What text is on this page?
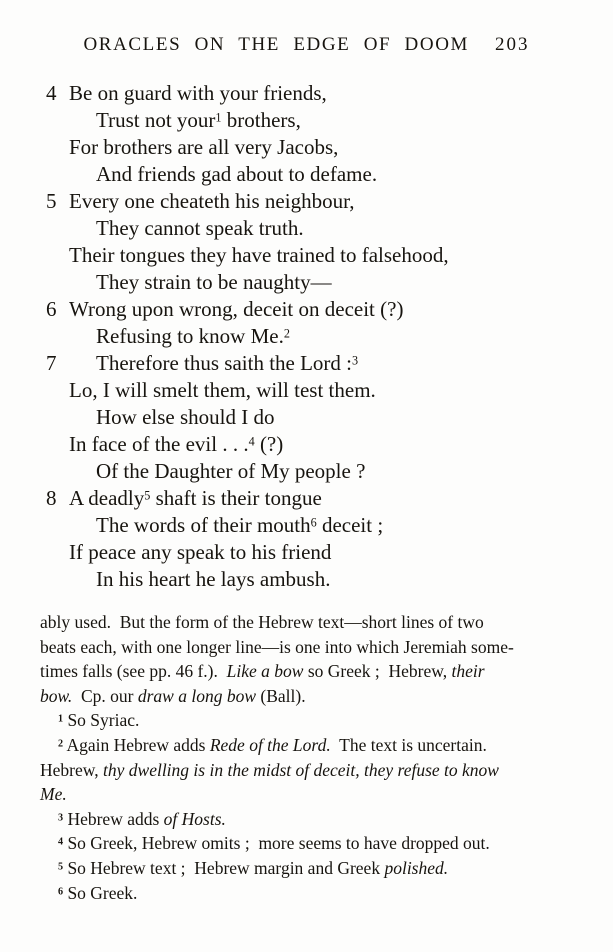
ORACLES ON THE EDGE OF DOOM 203
4 Be on guard with your friends,
Trust not your$^1$ brothers,
For brothers are all very Jacobs,
And friends gad about to defame.
5 Every one cheateth his neighbour,
They cannot speak truth.
Their tongues they have trained to falsehood,
They strain to be naughty—
6 Wrong upon wrong, deceit on deceit (?)
Refusing to know Me.$^2$
7 Therefore thus saith the Lord :$^3$
Lo, I will smelt them, will test them.
How else should I do
In face of the evil . . .$^4$ (?)
Of the Daughter of My people ?
8 A deadly$^5$ shaft is their tongue
The words of their mouth$^6$ deceit ;
If peace any speak to his friend
In his heart he lays ambush.
ably used.  But the form of the Hebrew text—short lines of two
beats each, with one longer line—is one into which Jeremiah some-
times falls (see pp. 46 f.).  Like a bow so Greek ;  Hebrew, their
bow.  Cp. our draw a long bow (Ball).
$^1$ So Syriac.
$^2$ Again Hebrew adds Rede of the Lord.  The text is uncertain.
Hebrew, thy dwelling is in the midst of deceit, they refuse to know
Me.
$^3$ Hebrew adds of Hosts.
$^4$ So Greek, Hebrew omits ;  more seems to have dropped out.
$^5$ So Hebrew text ;  Hebrew margin and Greek polished.
$^6$ So Greek.
